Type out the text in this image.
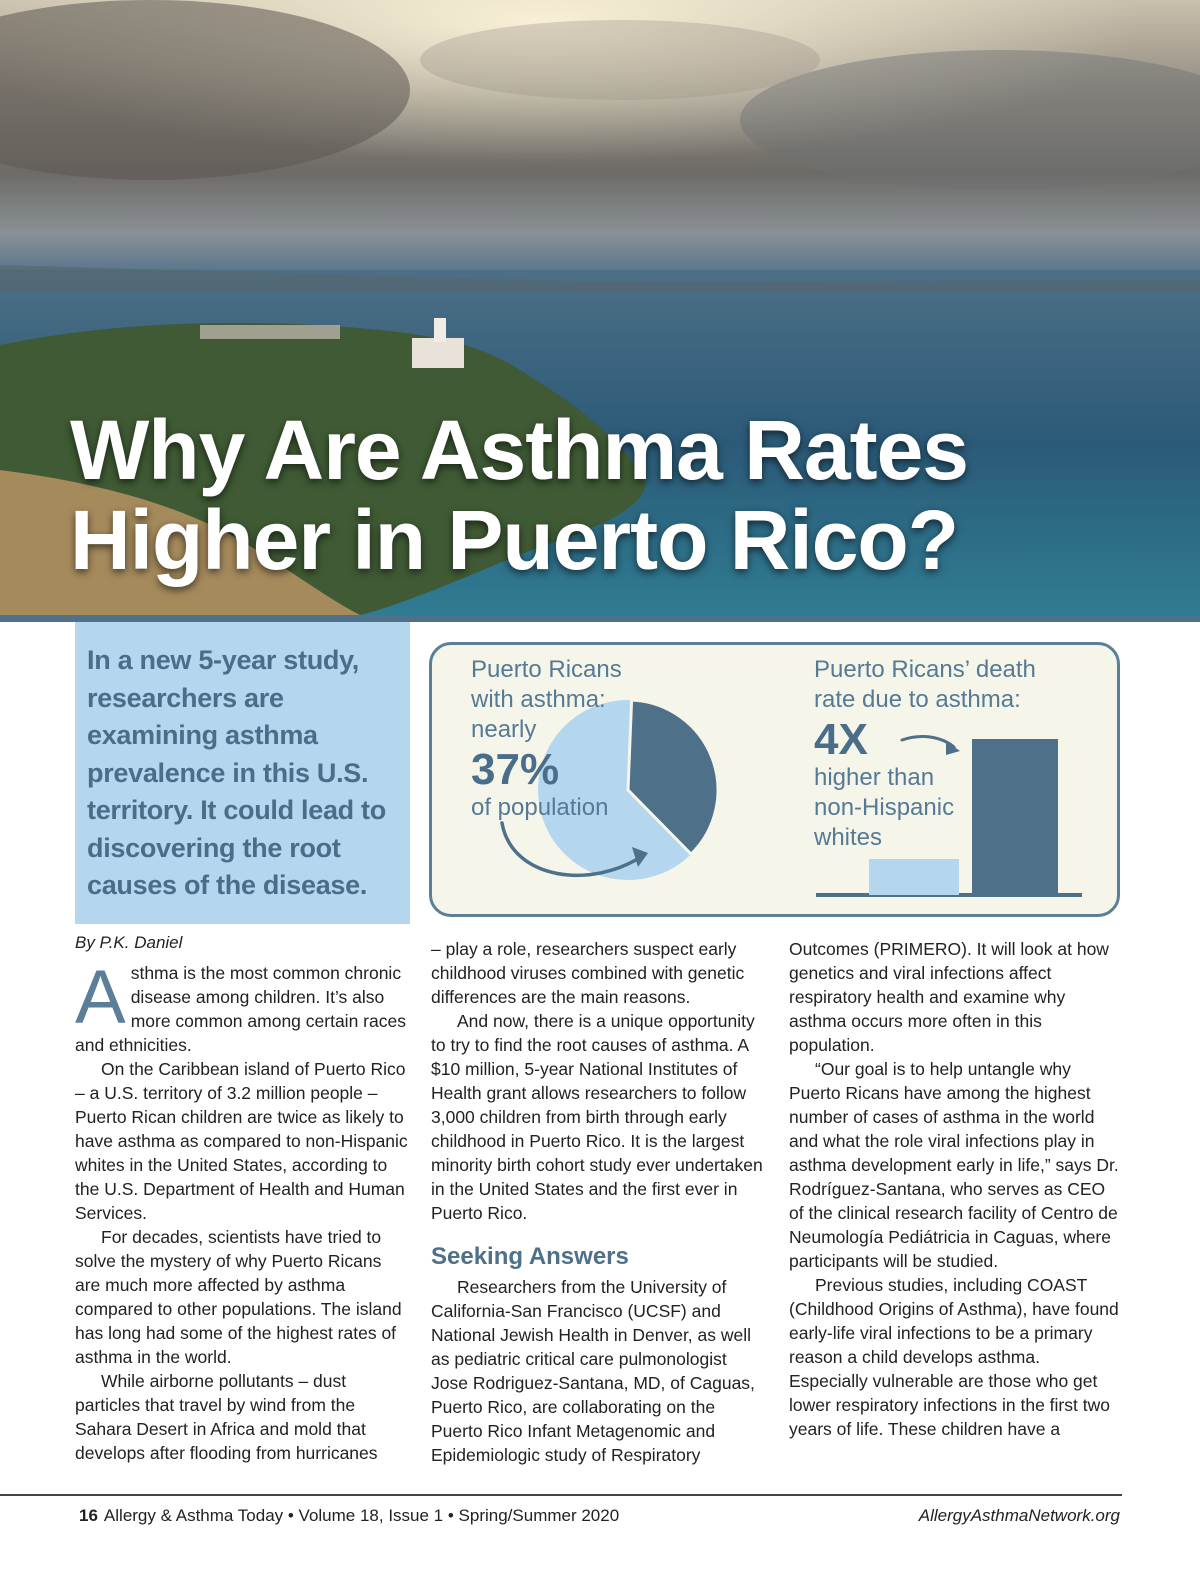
Why Are Asthma Rates
Higher in Puerto Rico?

In a new 5-year study, researchers are examining asthma prevalence in this U.S. territory. It could lead to discovering the root causes of the disease.

Puerto Ricans

with asthma:

nearly

37%

of population

Puerto Ricans’ death

rate due to asthma:

4X

higher than

non-Hispanic

whites

By P.K. Daniel
A sthma is the most common chronic disease among children. It’s also more common among certain races and ethnicities.

On the Caribbean island of Puerto Rico – a U.S. territory of 3.2 million people – Puerto Rican children are twice as likely to have asthma as compared to non-Hispanic whites in the United States, according to the U.S. Department of Health and Human Services.

For decades, scientists have tried to solve the mystery of why Puerto Ricans are much more affected by asthma compared to other populations. The island has long had some of the highest rates of asthma in the world.

While airborne pollutants – dust particles that travel by wind from the Sahara Desert in Africa and mold that develops after flooding from hurricanes

– play a role, researchers suspect early childhood viruses combined with genetic differences are the main reasons.

And now, there is a unique opportunity to try to find the root causes of asthma. A $10 million, 5-year National Institutes of Health grant allows researchers to follow 3,000 children from birth through early childhood in Puerto Rico. It is the largest minority birth cohort study ever undertaken in the United States and the first ever in Puerto Rico.

Seeking Answers

Researchers from the University of California-San Francisco (UCSF) and National Jewish Health in Denver, as well as pediatric critical care pulmonologist Jose Rodriguez-Santana, MD, of Caguas, Puerto Rico, are collaborating on the Puerto Rico Infant Metagenomic and Epidemiologic study of Respiratory

Outcomes (PRIMERO). It will look at how genetics and viral infections affect respiratory health and examine why asthma occurs more often in this population.

“Our goal is to help untangle why Puerto Ricans have among the highest number of cases of asthma in the world and what the role viral infections play in asthma development early in life,” says Dr. Rodríguez-Santana, who serves as CEO of the clinical research facility of Centro de Neumología Pediátricia in Caguas, where participants will be studied.

Previous studies, including COAST (Childhood Origins of Asthma), have found early-life viral infections to be a primary reason a child develops asthma. Especially vulnerable are those who get lower respiratory infections in the first two years of life. These children have a

16 Allergy & Asthma Today • Volume 18, Issue 1 • Spring/Summer 2020	AllergyAsthmaNetwork.org
